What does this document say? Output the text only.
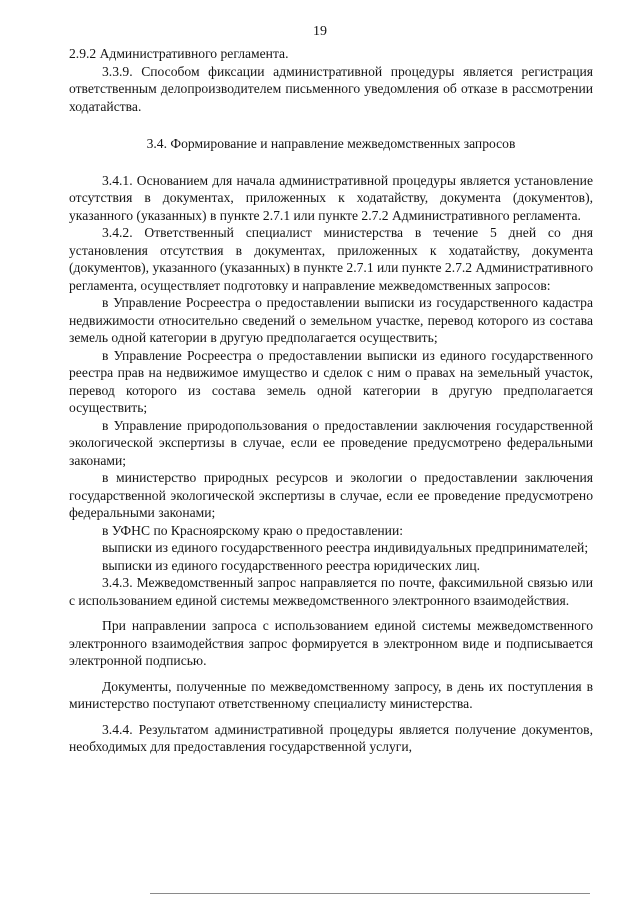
19

2.9.2 Административного регламента.

3.3.9. Способом фиксации административной процедуры является регистрация ответственным делопроизводителем письменного уведомления об отказе в рассмотрении ходатайства.

3.4. Формирование и направление межведомственных запросов

3.4.1. Основанием для начала административной процедуры является установление отсутствия в документах, приложенных к ходатайству, документа (документов), указанного (указанных) в пункте 2.7.1 или пункте 2.7.2 Административного регламента.

3.4.2. Ответственный специалист министерства в течение 5 дней со дня установления отсутствия в документах, приложенных к ходатайству, документа (документов), указанного (указанных) в пункте 2.7.1 или пункте 2.7.2 Административного регламента, осуществляет подготовку и направление межведомственных запросов:

в Управление Росреестра о предоставлении выписки из государственного кадастра недвижимости относительно сведений о земельном участке, перевод которого из состава земель одной категории в другую предполагается осуществить;

в Управление Росреестра о предоставлении выписки из единого государственного реестра прав на недвижимое имущество и сделок с ним о правах на земельный участок, перевод которого из состава земель одной категории в другую предполагается осуществить;

в Управление природопользования о предоставлении заключения государственной экологической экспертизы в случае, если ее проведение предусмотрено федеральными законами;

в министерство природных ресурсов и экологии о предоставлении заключения государственной экологической экспертизы в случае, если ее проведение предусмотрено федеральными законами;

в УФНС по Красноярскому краю о предоставлении:

выписки из единого государственного реестра индивидуальных предпринимателей;

выписки из единого государственного реестра юридических лиц.

3.4.3. Межведомственный запрос направляется по почте, факсимильной связью или с использованием единой системы межведомственного электронного взаимодействия.

При направлении запроса с использованием единой системы межведомственного электронного взаимодействия запрос формируется в электронном виде и подписывается электронной подписью.

Документы, полученные по межведомственному запросу, в день их поступления в министерство поступают ответственному специалисту министерства.

3.4.4. Результатом административной процедуры является получение документов, необходимых для предоставления государственной услуги,
